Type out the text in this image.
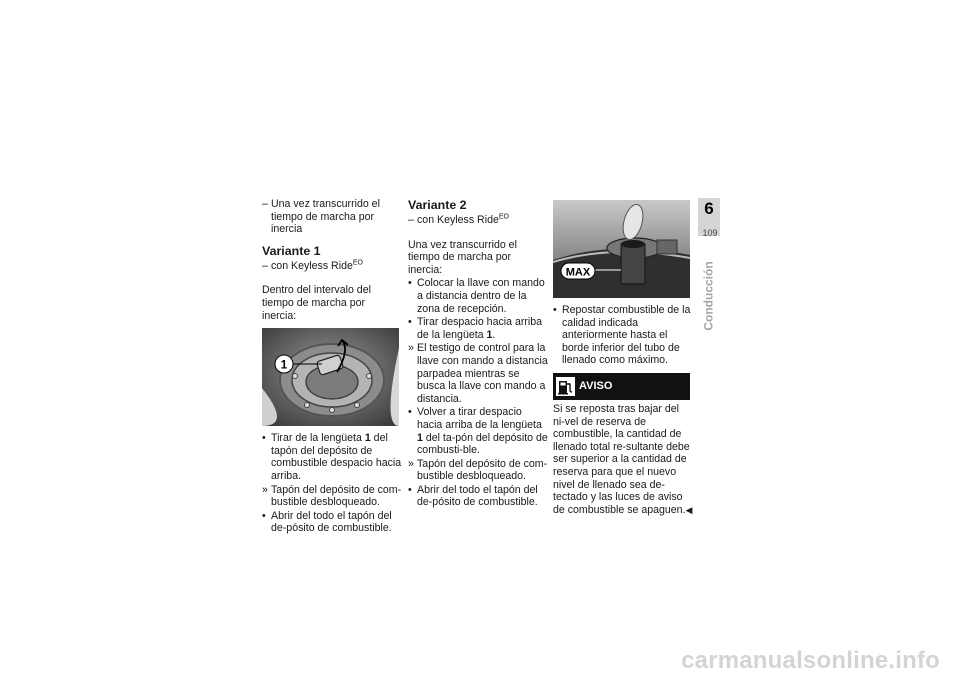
– Una vez transcurrido el tiempo de marcha por inercia
Variante 1
– con Keyless Ride$^{EO}$
Dentro del intervalo del tiempo de marcha por inercia:
1
• Tirar de la lengüeta 1 del tapón del depósito de combustible despacio hacia arriba.
» Tapón del depósito de com-bustible desbloqueado.
• Abrir del todo el tapón del de-pósito de combustible.
Variante 2
– con Keyless Ride$^{EO}$
Una vez transcurrido el tiempo de marcha por inercia:
• Colocar la llave con mando a distancia dentro de la zona de recepción.
• Tirar despacio hacia arriba de la lengüeta 1.
» El testigo de control para la llave con mando a distancia parpadea mientras se busca la llave con mando a distancia.
• Volver a tirar despacio hacia arriba de la lengüeta 1 del ta-pón del depósito de combusti-ble.
» Tapón del depósito de com-bustible desbloqueado.
• Abrir del todo el tapón del de-pósito de combustible.
MAX
• Repostar combustible de la calidad indicada anteriormente hasta el borde inferior del tubo de llenado como máximo.
AVISO
Si se reposta tras bajar del ni-vel de reserva de combustible, la cantidad de llenado total re-sultante debe ser superior a la cantidad de reserva para que el nuevo nivel de llenado sea de-tectado y las luces de aviso de combustible se apaguen.◀
6
109
Conducción
carmanualsonline.info
